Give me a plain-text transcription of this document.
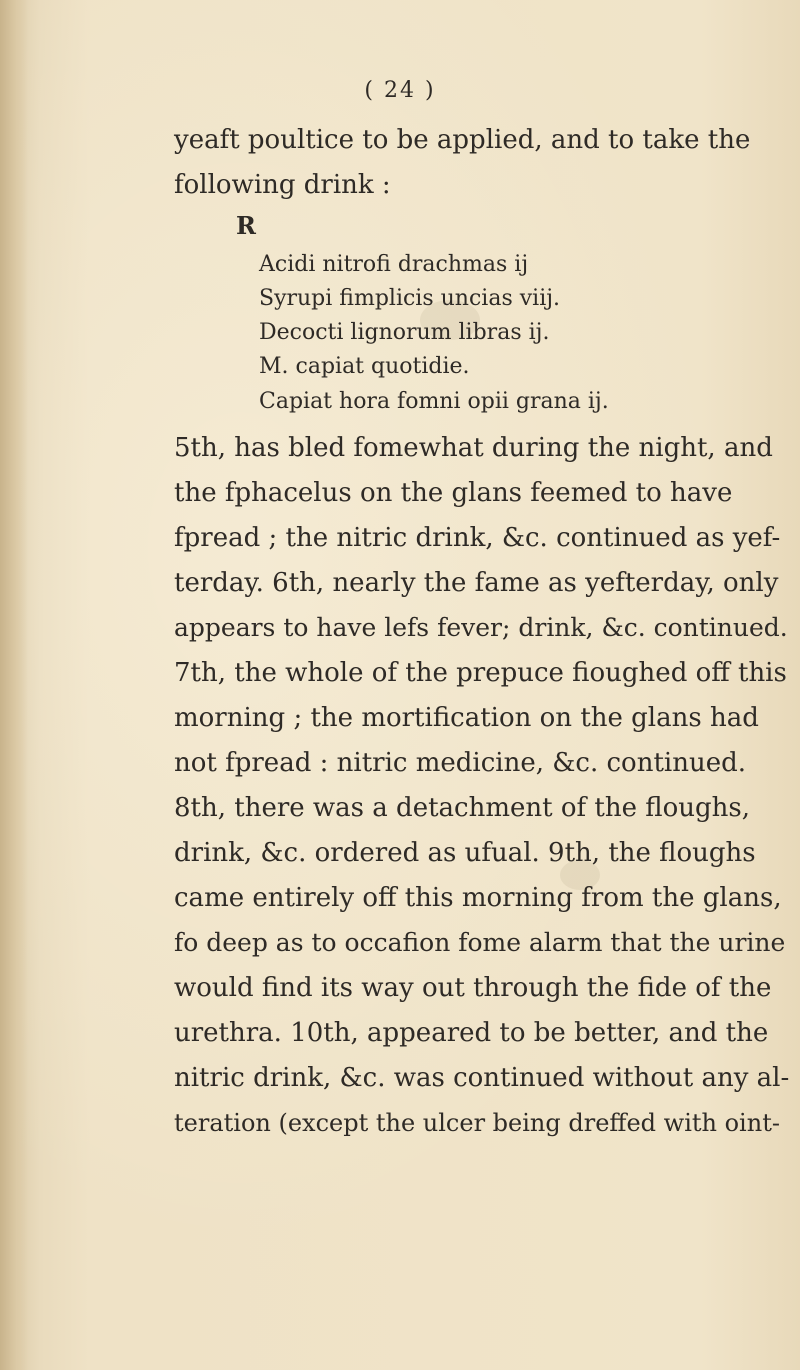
( 24 )
yeaft poultice to be applied, and to take the
following drink :
R
Acidi nitrofi drachmas ij
Syrupi fimplicis uncias viij.
Decocti lignorum libras ij.
M. capiat quotidie.
Capiat hora fomni opii grana ij.
5th, has bled fomewhat during the night, and
the fphacelus on the glans feemed to have
fpread ; the nitric drink, &c. continued as yef-
terday. 6th, nearly the fame as yefterday, only
appears to have lefs fever; drink, &c. continued.
7th, the whole of the prepuce fioughed off this
morning ; the mortification on the glans had
not fpread : nitric medicine, &c. continued.
8th, there was a detachment of the floughs,
drink, &c. ordered as ufual. 9th, the floughs
came entirely off this morning from the glans,
fo deep as to occafion fome alarm that the urine
would find its way out through the fide of the
urethra. 10th, appeared to be better, and the
nitric drink, &c. was continued without any al-
teration (except the ulcer being dreffed with oint-
